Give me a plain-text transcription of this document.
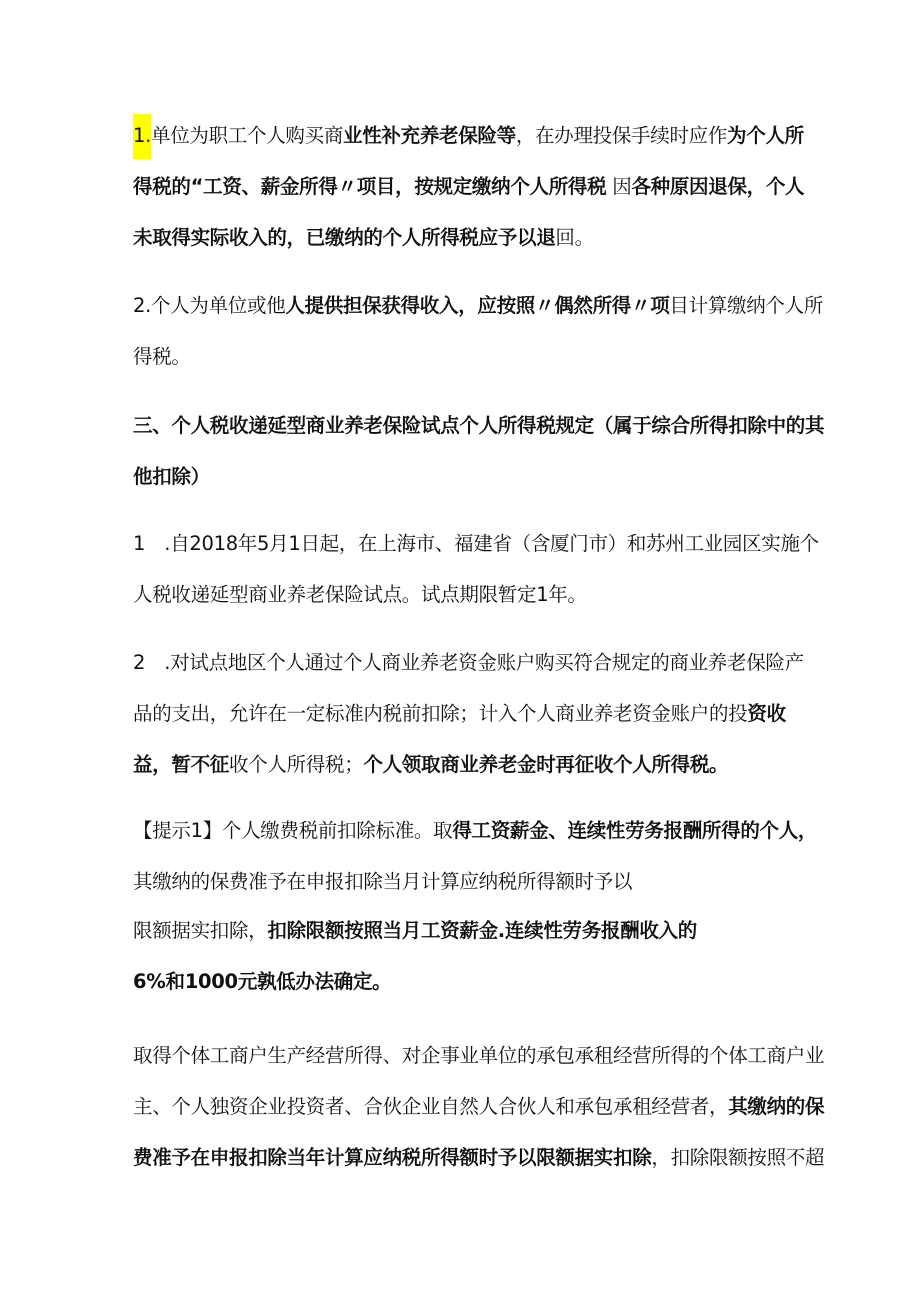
1.单位为职工个人购买商业性补充养老保险等，在办理投保手续时应作为个人所
得税的“工资、薪金所得〃项目，按规定缴纳个人所得税 因各种原因退保，个人
未取得实际收入的，已缴纳的个人所得税应予以退回。
2.个人为单位或他人提供担保获得收入，应按照〃偶然所得〃项目计算缴纳个人所
得税。
三、个人税收递延型商业养老保险试点个人所得税规定（属于综合所得扣除中的其
他扣除）
1　.自2018年5月1日起，在上海市、福建省（含厦门市）和苏州工业园区实施个
人税收递延型商业养老保险试点。试点期限暂定1年。
2　.对试点地区个人通过个人商业养老资金账户购买符合规定的商业养老保险产
品的支出，允许在一定标准内税前扣除；计入个人商业养老资金账户的投资收
益，暂不征收个人所得税；个人领取商业养老金时再征收个人所得税。
【提示1】个人缴费税前扣除标准。取得工资薪金、连续性劳务报酬所得的个人，
其缴纳的保费准予在申报扣除当月计算应纳税所得额时予以
限额据实扣除，扣除限额按照当月工资薪金.连续性劳务报酬收入的
6%和1000元孰低办法确定。
取得个体工商户生产经营所得、对企事业单位的承包承租经营所得的个体工商户业
主、个人独资企业投资者、合伙企业自然人合伙人和承包承租经营者，其缴纳的保
费准予在申报扣除当年计算应纳税所得额时予以限额据实扣除，扣除限额按照不超
